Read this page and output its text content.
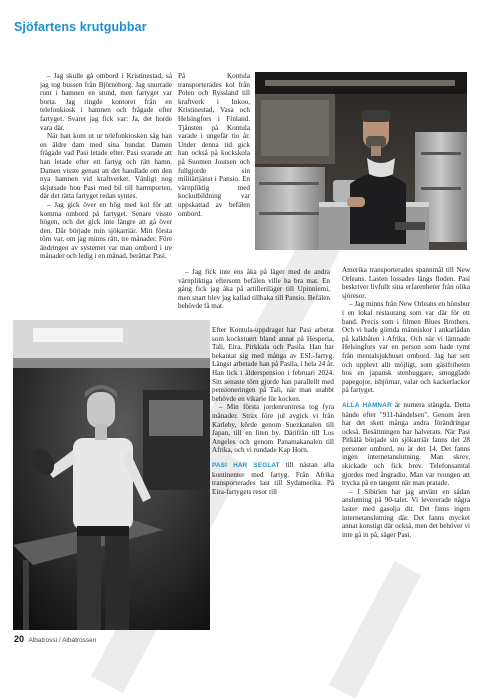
Sjöfartens krutgubbar

– Jag skulle gå ombord i Kristinestad, så jag tog bussen från Björneborg. Jag snurrade runt i hamnen en stund, men fartyget var borta. Jag ringde kontoret från en telefonkiosk i hamnen och frågade efter fartyget. Svaret jag fick var: Ja, det horde vara där.

När han kom ut ur telefonkiosken såg han en äldre dam med sina hundar. Damen frågade vad Pasi letade efter. Pasi svarade att han letade efter ett fartyg och rätt hamn. Damen visste genast att det handlade om den nya hamnen vid kraftverket. Vänligt nog skjutsade hon Pasi med bil till hamnporten, där det rätta fartyget redan syntes.

– Jag gick över en hög med kol för att komma ombord på fartyget. Senare visste högen, och det gick inte längre att gå över den. Där började min sjökarriär. Mitt första törn var, om jag minns rätt, tre månader. Före ändringen av systemet var man ombord i tre månader och ledig i en månad, berättar Pasi.

På Kontula transporterades kol från Polen och Ryssland till kraftverk i Inkoo, Kristinestad, Vasa och Helsingfors i Finland. Tjänsten på Kontula varade i ungefär tio år. Under denna tid gick han också på kockskola på Suomen Joutsen och fullgjorde sin militärtjänst i Pansio. En värnpliktig med kockutbildning var uppskattad av befälen ombord.

– Jag fick inte ens åka på läger med de andra värnpliktiga eftersom befälen ville ha bra mat. En gång fick jag åka på artilleriläger till Upinniemi, men snart blev jag kallad tillbaka till Pansio. Befälen behövde få mat.

Efter Kontula-uppdraget har Pasi arbetat som kockstuert bland annat på Hesperia, Tali, Eira, Pirkkala och Pasila. Han har bekantat sig med många av ESL-fartyg. Längst arbetade han på Pasila, i hela 24 år. Han lick i ålderspension i februari 2024. Sitt senaste törn gjorde han parallellt med pensioneringen på Tali, när man snabbt behövde en vikarie för kocken.

– Min första jordenruntresa tog fyra månader. Strax före jul avgick vi från Karleby, körde genom Suezkanalen till Japan, till en liten by. Därifrån till Los Angeles och genom Panamakanalen till Afrika, och vi rundade Kap Horn.

PASI HAR SEGLAT till nästan alla kontinenter med fartyg. Från Afrika transporterades last till Sydamerika. På Eira-fartygets resor till

Amerika transporterades spannmål till New Orleans. Lasten lossades längs floden. Pasi beskriver livfullt sina erfarenheter från olika sjöresor.

– Jag minns från New Orleans en hönsbur i en lokal restaurang som var där för ett band. Precis som i filmen Blues Brothers. Och vi hade gömda människor i ankarlådan på kalkbåten i Afrika. Och när vi lämnade Helsingfors var en person som hade tymt från mentalsjukhuset ombord. Jag har sett och upplevt allt möjligt, som gästfriheten hos en japansk stenhuggare, smugglade papegojor, isbjörnar, valar och kackerlackor på fartyget.

ALLA HAMNAR är numera stängda. Detta hände efter "911-händelsen". Genom åren har det skett många andra förändringar också. Besättningen har halverats. När Pasi Pitkälä började sin sjökarriär fanns det 28 personer ombord, nu är det 14. Det fanns ingen internetanslutning. Man skrev, skickade och fick brev. Telefonsamtal gjordes med ångradio. Man var tvungen att trycka på en tangent när man pratade.

– I Sibirien har jag använt en sådan anslutning på 90-talet. Vi levererade några laster med gasolja dit. Det finns ingen internetanslutning där. Det fanns mycket annat konstigt där också, men det behöver vi inte gå in på, säger Pasi.

20 Albatrossi / Albatrossen
